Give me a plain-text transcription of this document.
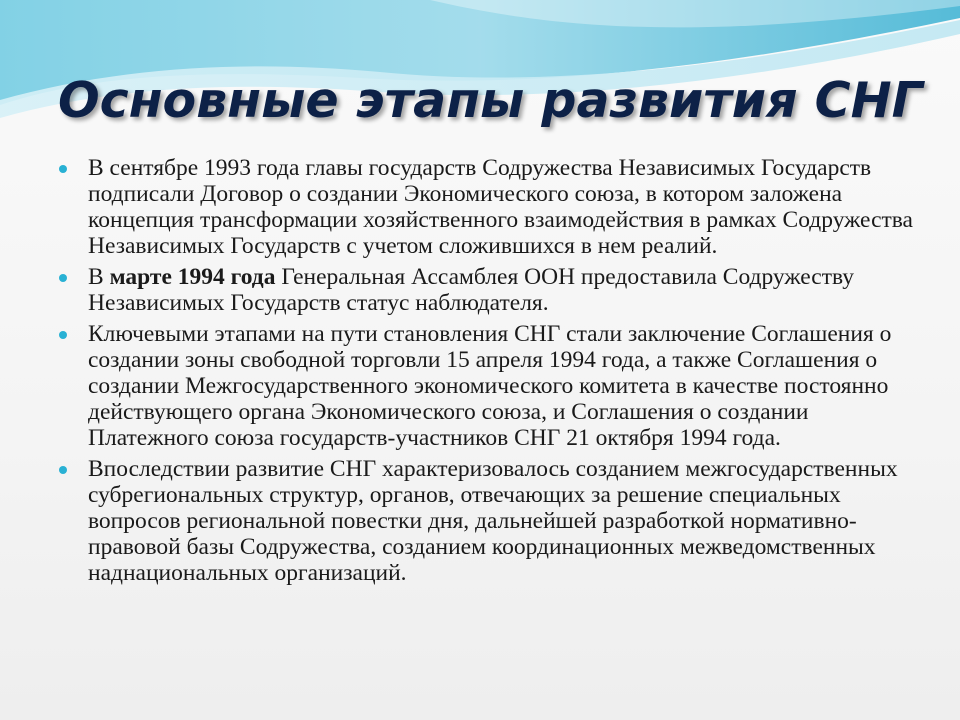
Основные этапы развития СНГ
В сентябре 1993 года главы государств Содружества Независимых Государств подписали Договор о создании Экономического союза, в котором заложена концепция трансформации хозяйственного взаимодействия в рамках Содружества Независимых Государств с учетом сложившихся в нем реалий.
В марте 1994 года Генеральная Ассамблея ООН предоставила Содружеству Независимых Государств статус наблюдателя.
Ключевыми этапами на пути становления СНГ стали заключение Соглашения о создании зоны свободной торговли 15 апреля 1994 года, а также Соглашения о создании Межгосударственного экономического комитета в качестве постоянно действующего органа Экономического союза, и Соглашения о создании Платежного союза государств-участников СНГ 21 октября 1994 года.
Впоследствии развитие СНГ характеризовалось созданием межгосударственных субрегиональных структур, органов, отвечающих за решение специальных вопросов региональной повестки дня, дальнейшей разработкой нормативно-правовой базы Содружества, созданием координационных межведомственных наднациональных организаций.
